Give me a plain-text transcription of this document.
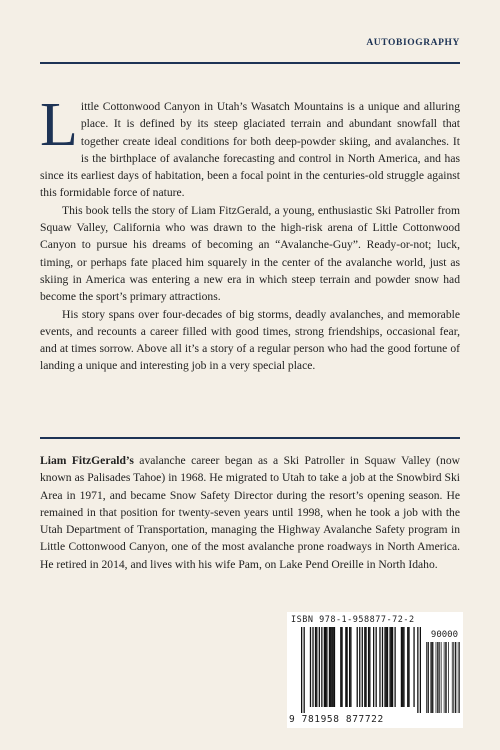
AUTOBIOGRAPHY

Little Cottonwood Canyon in Utah’s Wasatch Mountains is a unique and alluring place. It is defined by its steep glaciated terrain and abundant snowfall that together create ideal conditions for both deep-powder skiing, and avalanches. It is the birthplace of avalanche forecasting and control in North America, and has since its earliest days of habitation, been a focal point in the centuries-old struggle against this formidable force of nature.

This book tells the story of Liam FitzGerald, a young, enthusiastic Ski Patroller from Squaw Valley, California who was drawn to the high-risk arena of Little Cottonwood Canyon to pursue his dreams of becoming an “Avalanche-Guy”. Ready-or-not; luck, timing, or perhaps fate placed him squarely in the center of the avalanche world, just as skiing in America was entering a new era in which steep terrain and powder snow had become the sport’s primary attractions.

His story spans over four-decades of big storms, deadly avalanches, and memorable events, and recounts a career filled with good times, strong friendships, occasional fear, and at times sorrow. Above all it’s a story of a regular person who had the good fortune of landing a unique and interesting job in a very special place.

Liam FitzGerald’s avalanche career began as a Ski Patroller in Squaw Valley (now known as Palisades Tahoe) in 1968. He migrated to Utah to take a job at the Snowbird Ski Area in 1971, and became Snow Safety Director during the resort’s opening season. He remained in that position for twenty-seven years until 1998, when he took a job with the Utah Department of Transportation, managing the Highway Avalanche Safety program in Little Cottonwood Canyon, one of the most avalanche prone roadways in North America. He retired in 2014, and lives with his wife Pam, on Lake Pend Oreille in North Idaho.

ISBN 978-1-958877-72-2
90000
9 781958 877722
